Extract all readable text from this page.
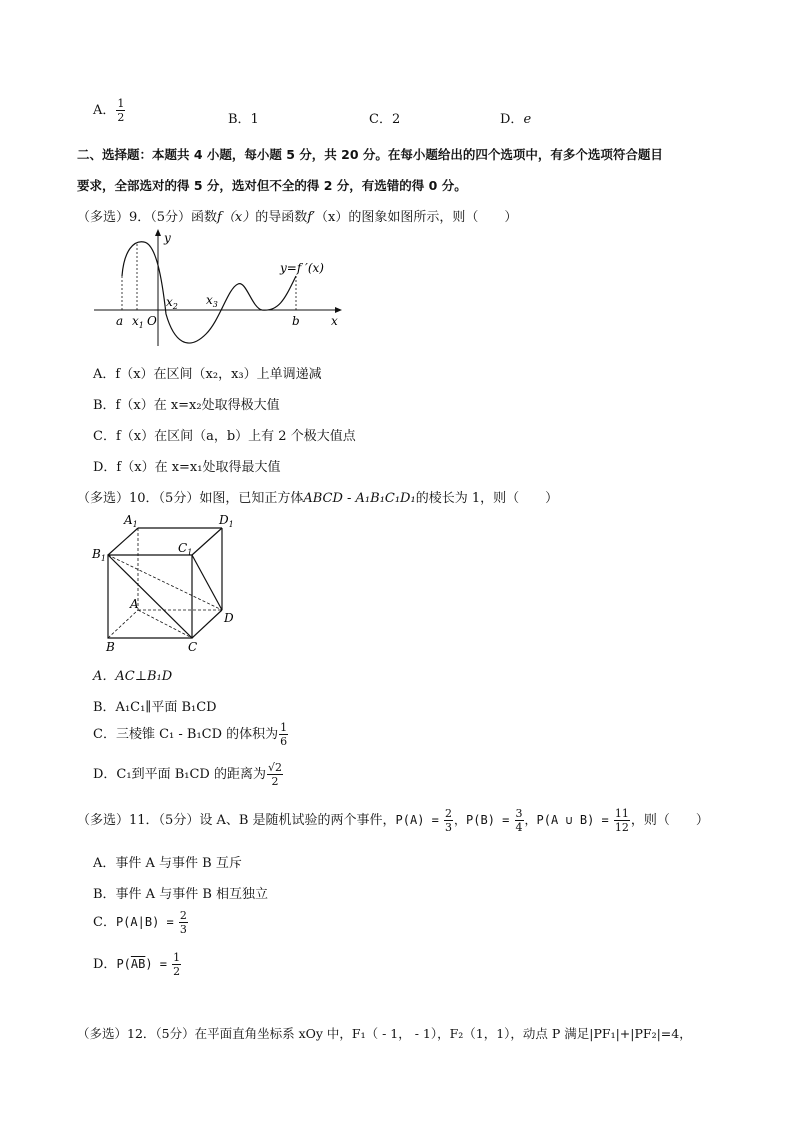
A． $\frac{1}{2}$	B．1	C．2	D．e
二、选择题：本题共 4 小题，每小题 5 分，共 20 分。在每小题给出的四个选项中，有多个选项符合题目
要求，全部选对的得 5 分，选对但不全的得 2 分，有选错的得 0 分。
（多选）9．（5分）函数f（x）的导函数f′（x）的图象如图所示，则（　　）
y
x
y=f ′(x)
a $x_1$ O
$x_2$ $x_3$
b
A．f（x）在区间（x₂，x₃）上单调递减
B．f（x）在 x=x₂处取得极大值
C．f（x）在区间（a，b）上有 2 个极大值点
D．f（x）在 x=x₁处取得最大值
（多选）10．（5分）如图，已知正方体ABCD - A₁B₁C₁D₁的棱长为 1，则（　　）
$A_1$	$D_1$
$B_1$
$C_1$
A
D
B	C
A．AC⊥B₁D
B．A₁C₁∥平面 B₁CD
C．三棱锥 C₁ - B₁CD 的体积为 $\frac{1}{6}$
D．C₁到平面 B₁CD 的距离为 $\frac{√2}{2}$
（多选）11．（5分）设 A、B 是随机试验的两个事件，$P(A) = \frac{2}{3}$ ，$P(B) = \frac{3}{4}$ ，P(A ∪ $B) = \frac{11}{12}$ ，则（　　）
A．事件 A 与事件 B 互斥
B．事件 A 与事件 B 相互独立
C．$P(A|B) = \frac{2}{3}$
D．$P(\overline{AB}) = \frac{1}{2}$
（多选）12．（5分）在平面直角坐标系 xOy 中，F₁（ - 1， - 1），F₂（1，1），动点 P 满足|PF₁|+|PF₂|=4，
